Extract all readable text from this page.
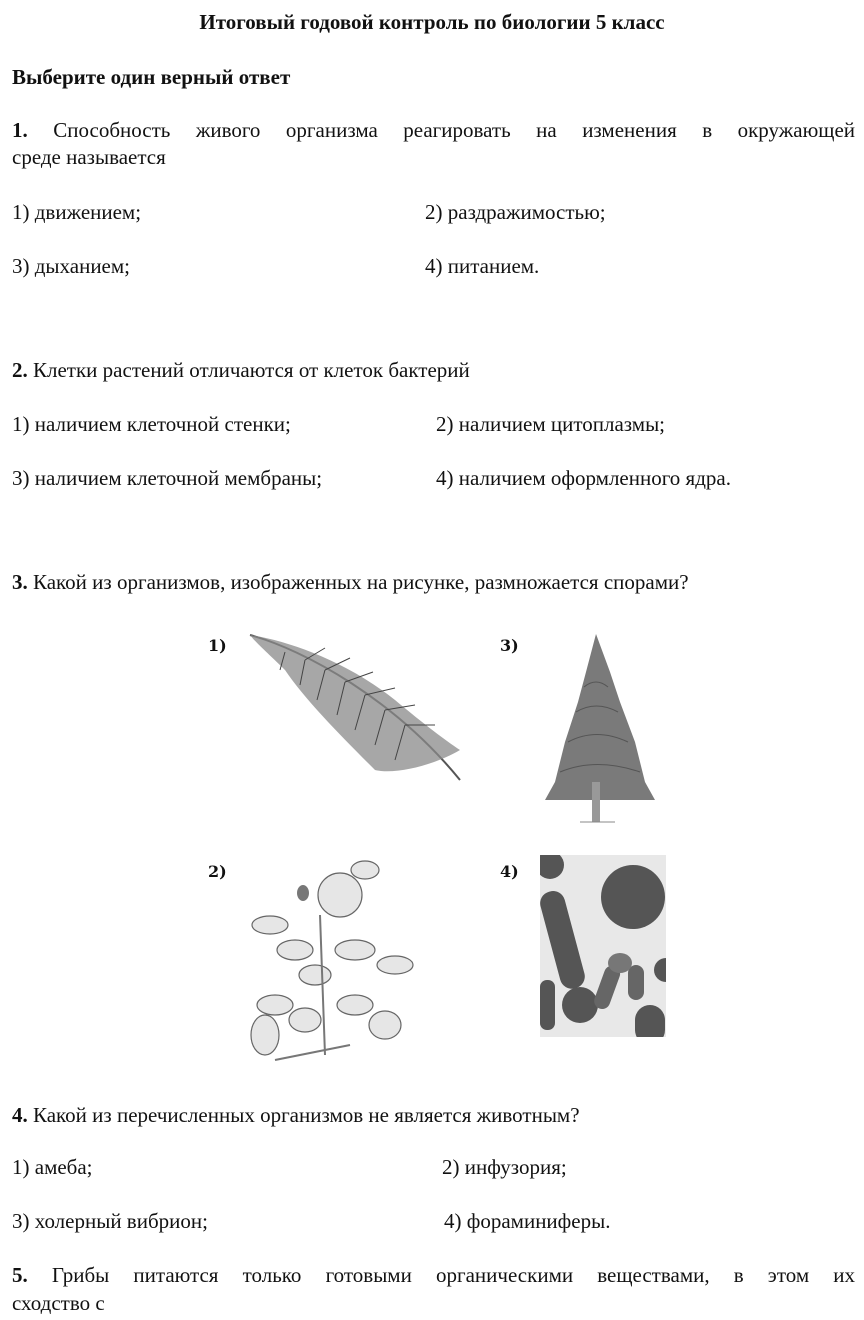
Итоговый годовой контроль по биологии 5 класс
Выберите один верный ответ
1. Способность живого организма реагировать на изменения в окружающей
среде называется
1) движением;	2) раздражимостью;
3) дыханием;	4) питанием.
2. Клетки растений отличаются от клеток бактерий
1) наличием клеточной стенки;	2) наличием цитоплазмы;
3) наличием клеточной мембраны;	4) наличием оформленного ядра.
3. Какой из организмов, изображенных на рисунке, размножается спорами?
1)
2)
3)
4)
4. Какой из перечисленных организмов не является животным?
1) амеба;	2) инфузория;
3) холерный вибрион;	4) фораминиферы.
5. Грибы питаются только готовыми органическими веществами, в этом их
сходство с
